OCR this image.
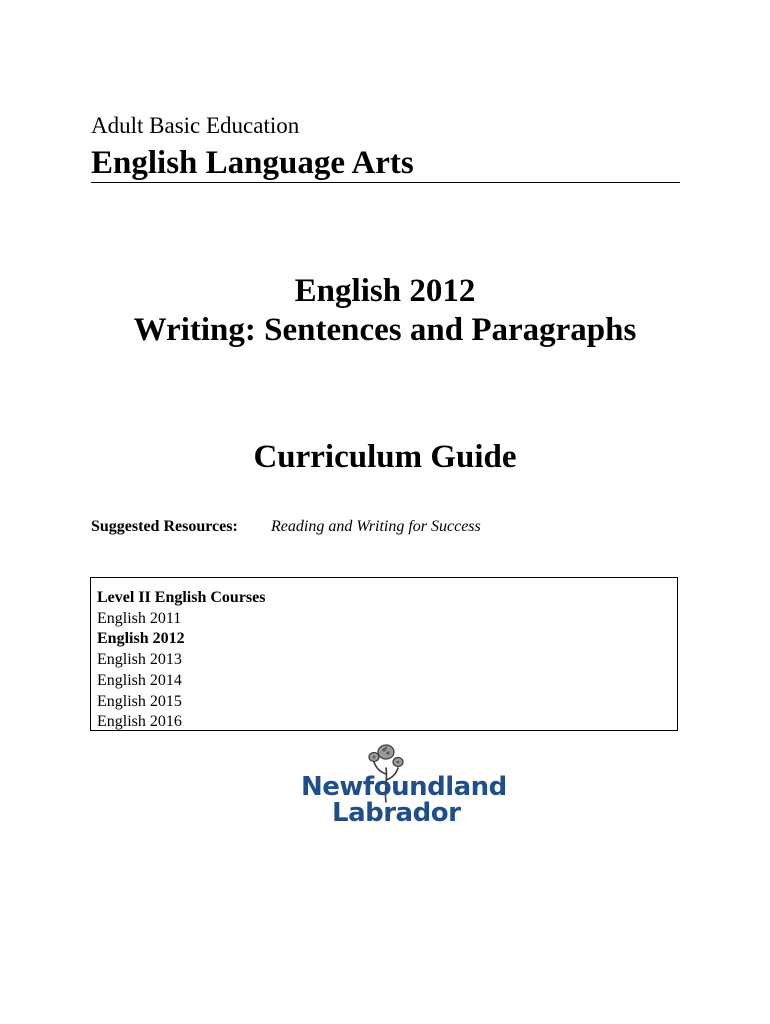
Adult Basic Education
English Language Arts
English 2012
Writing: Sentences and Paragraphs
Curriculum Guide
Suggested Resources: Reading and Writing for Success
Level II English Courses
English 2011
English 2012
English 2013
English 2014
English 2015
English 2016
Newfoundland
Labrador
